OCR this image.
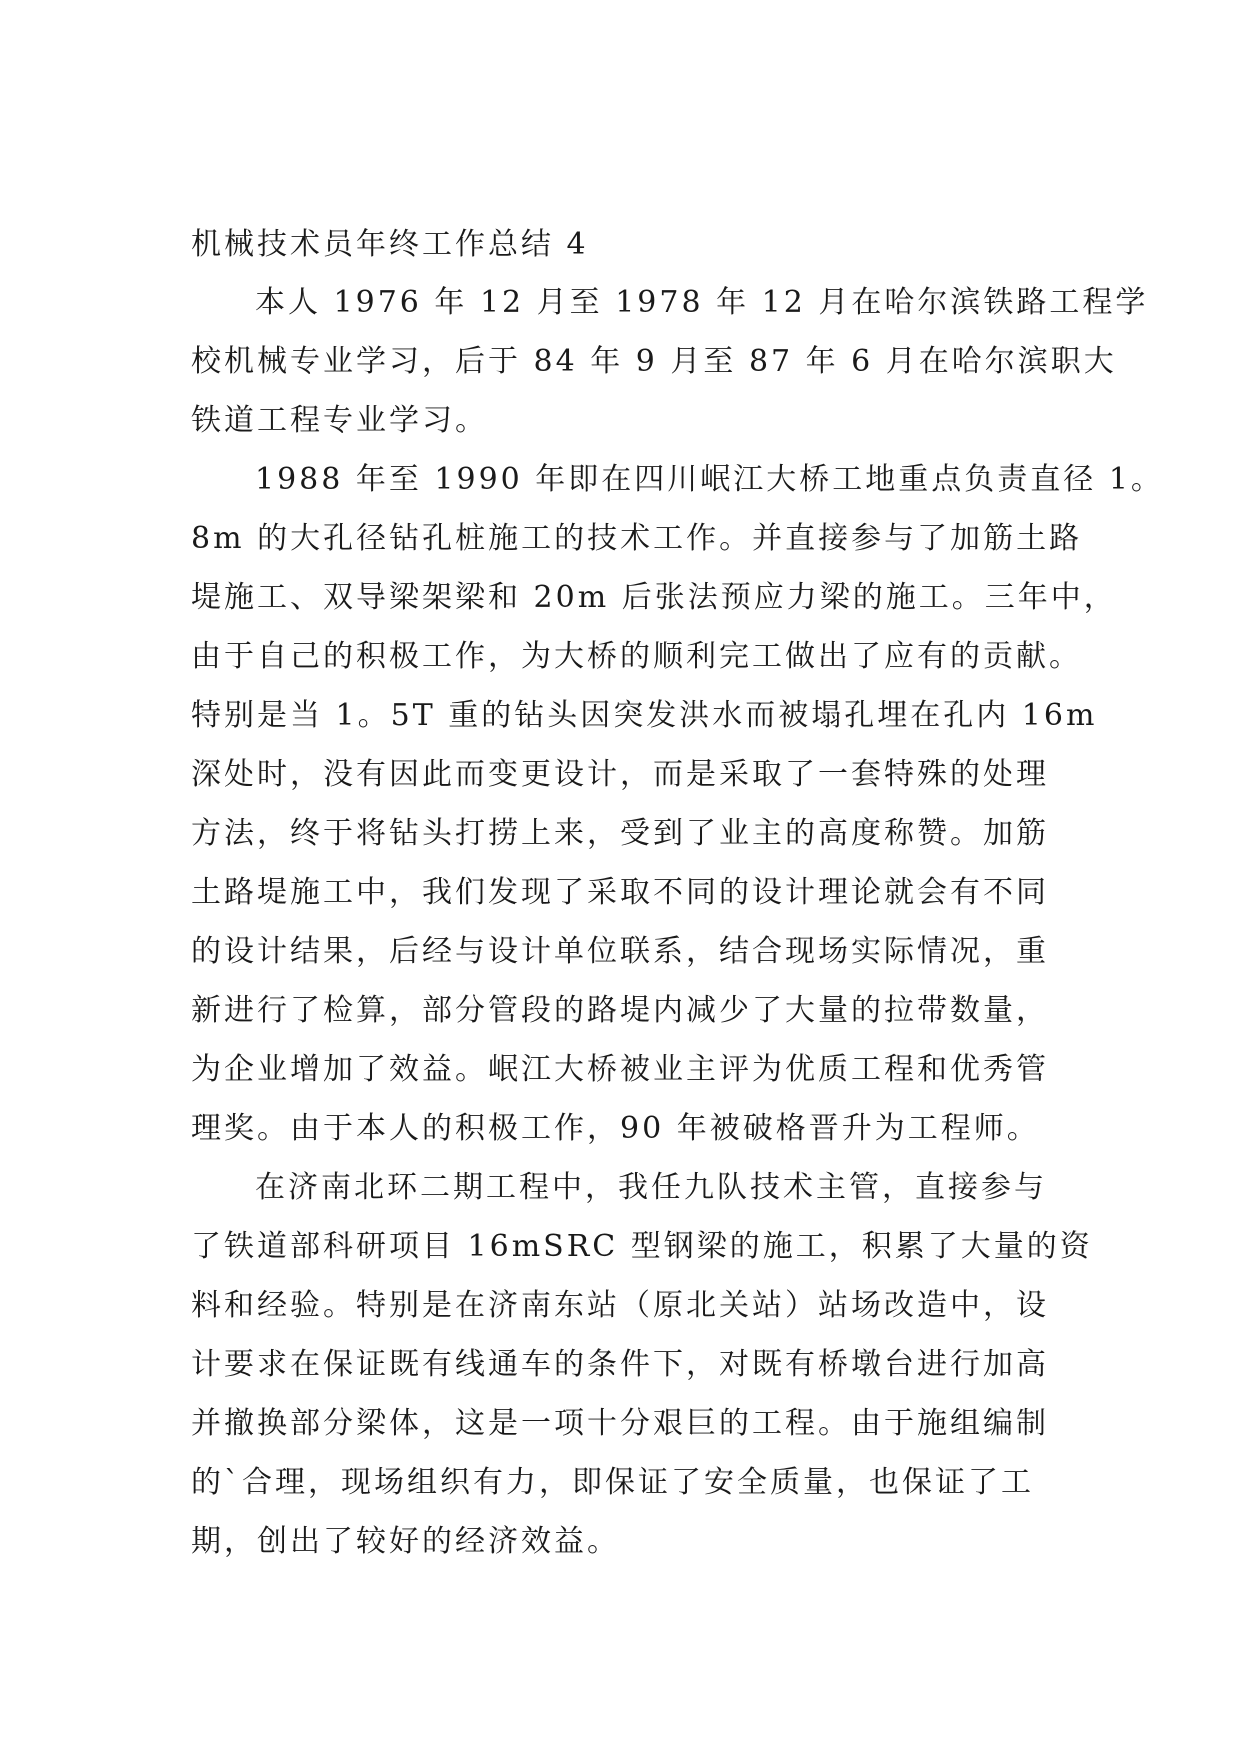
机械技术员年终工作总结 4
本人 1976 年 12 月至 1978 年 12 月在哈尔滨铁路工程学
校机械专业学习，后于 84 年 9 月至 87 年 6 月在哈尔滨职大
铁道工程专业学习。
1988 年至 1990 年即在四川岷江大桥工地重点负责直径 1。
8m 的大孔径钻孔桩施工的技术工作。并直接参与了加筋土路
堤施工、双导梁架梁和 20m 后张法预应力梁的施工。三年中，
由于自己的积极工作，为大桥的顺利完工做出了应有的贡献。
特别是当 1。5T 重的钻头因突发洪水而被塌孔埋在孔内 16m
深处时，没有因此而变更设计，而是采取了一套特殊的处理
方法，终于将钻头打捞上来，受到了业主的高度称赞。加筋
土路堤施工中，我们发现了采取不同的设计理论就会有不同
的设计结果，后经与设计单位联系，结合现场实际情况，重
新进行了检算，部分管段的路堤内减少了大量的拉带数量，
为企业增加了效益。岷江大桥被业主评为优质工程和优秀管
理奖。由于本人的积极工作，90 年被破格晋升为工程师。
在济南北环二期工程中，我任九队技术主管，直接参与
了铁道部科研项目 16mSRC 型钢梁的施工，积累了大量的资
料和经验。特别是在济南东站（原北关站）站场改造中，设
计要求在保证既有线通车的条件下，对既有桥墩台进行加高
并撤换部分梁体，这是一项十分艰巨的工程。由于施组编制
的`合理，现场组织有力，即保证了安全质量，也保证了工
期，创出了较好的经济效益。
